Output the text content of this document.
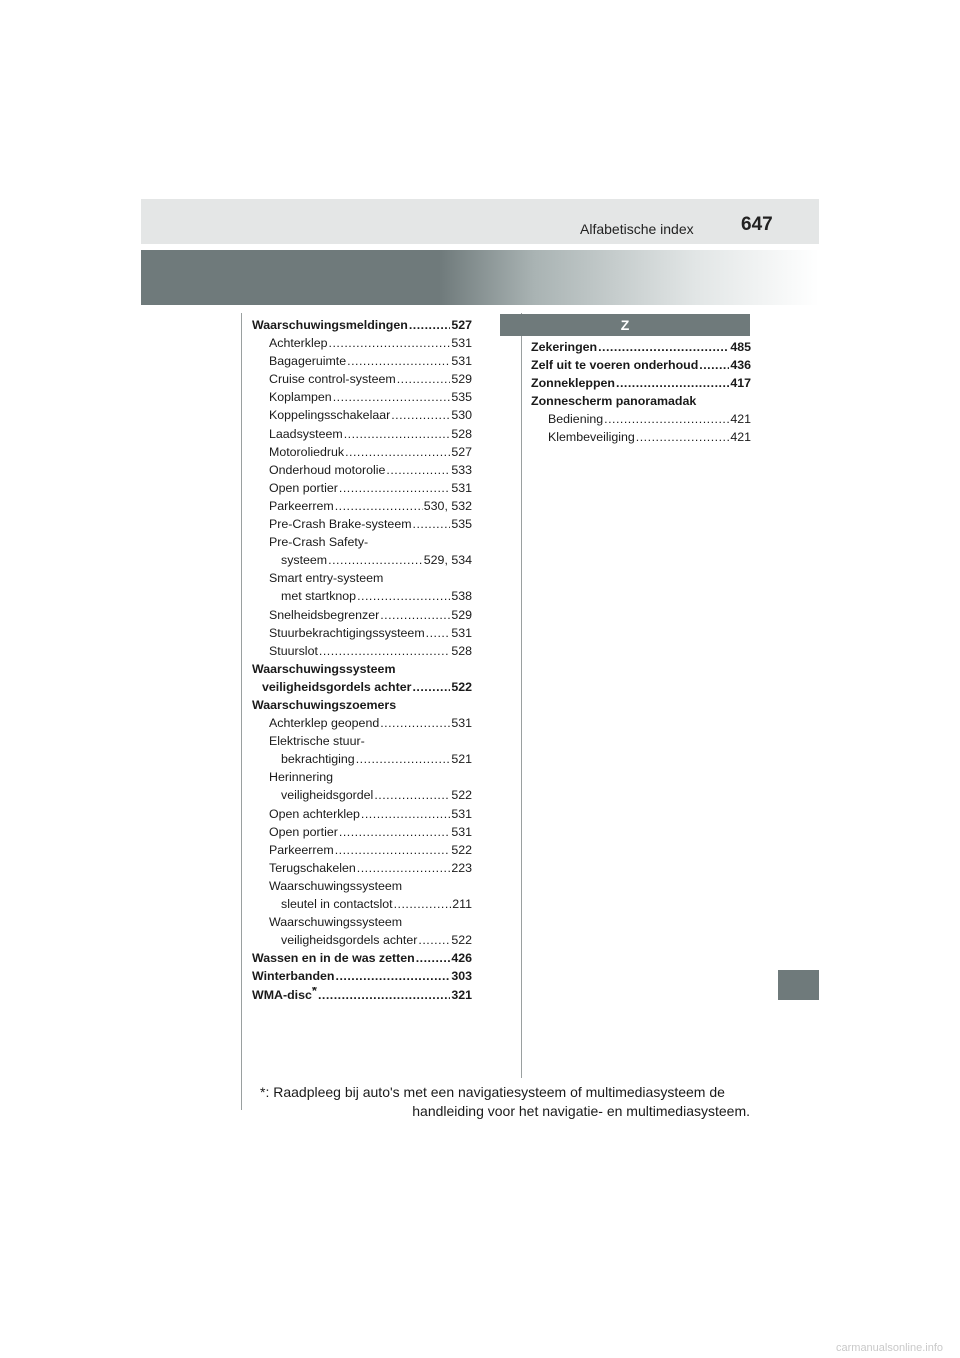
Alfabetische index 647
Waarschuwingsmeldingen .....	527
Achterklep .....	531
Bagageruimte .....	531
Cruise control-systeem .....	529
Koplampen .....	535
Koppelingsschakelaar .....	530
Laadsysteem .....	528
Motoroliedruk .....	527
Onderhoud motorolie .....	533
Open portier .....	531
Parkeerrem .....	530, 532
Pre-Crash Brake-systeem .....	535
Pre-Crash Safety-
systeem .....	529, 534
Smart entry-systeem
met startknop .....	538
Snelheidsbegrenzer .....	529
Stuurbekrachtigingssysteem ..... 531
Stuurslot .....	528
Waarschuwingssysteem
veiligheidsgordels achter .....	522
Waarschuwingszoemers
Achterklep geopend .....	531
Elektrische stuur-
bekrachtiging .....	521
Herinnering
veiligheidsgordel .....	522
Open achterklep .....	531
Open portier .....	531
Parkeerrem .....	522
Terugschakelen .....	223
Waarschuwingssysteem
sleutel in contactslot .....	211
Waarschuwingssysteem
veiligheidsgordels achter .....	522
Wassen en in de was zetten .....	426
Winterbanden .....	303
WMA-disc * .....	321
Z
Zekeringen .....	485
Zelf uit te voeren onderhoud .....	436
Zonnekleppen .....	417
Zonnescherm panoramadak
Bediening .....	421
Klembeveiliging .....	421
*: Raadpleeg bij auto's met een navigatiesysteem of multimediasysteem de
handleiding voor het navigatie- en multimediasysteem.
carmanualsonline.info
